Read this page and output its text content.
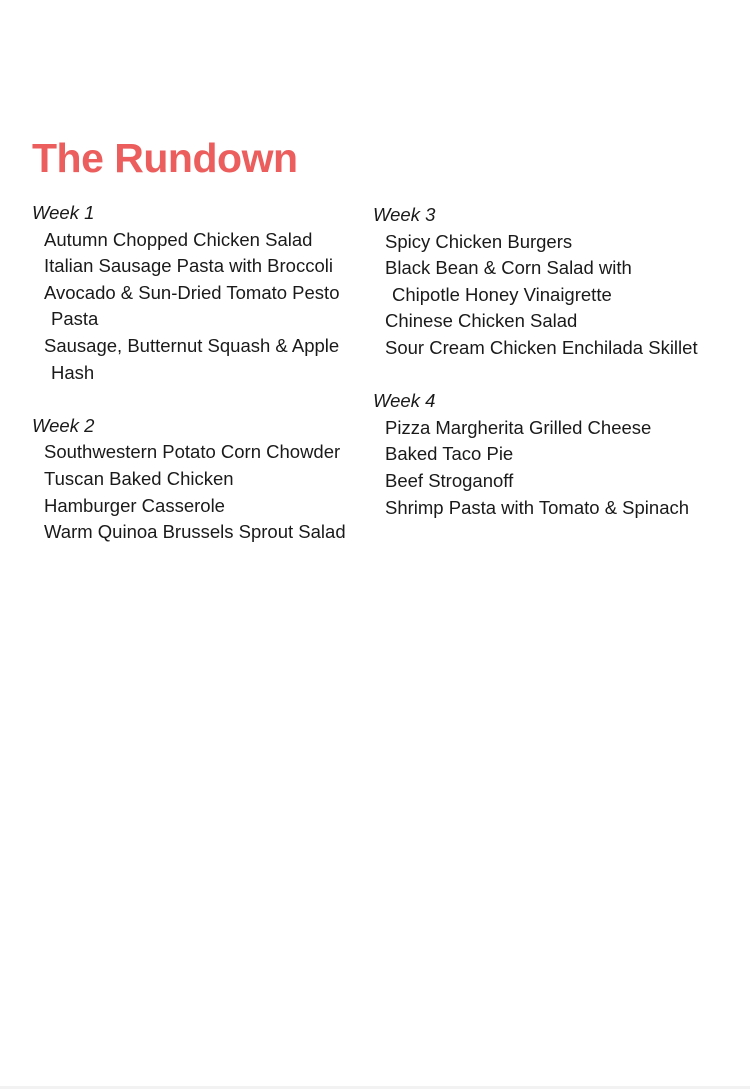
The Rundown
Week 1
Autumn Chopped Chicken Salad
Italian Sausage Pasta with Broccoli
Avocado & Sun-Dried Tomato Pesto Pasta
Sausage, Butternut Squash & Apple Hash
Week 2
Southwestern Potato Corn Chowder
Tuscan Baked Chicken
Hamburger Casserole
Warm Quinoa Brussels Sprout Salad
Week 3
Spicy Chicken Burgers
Black Bean & Corn Salad with Chipotle Honey Vinaigrette
Chinese Chicken Salad
Sour Cream Chicken Enchilada Skillet
Week 4
Pizza Margherita Grilled Cheese
Baked Taco Pie
Beef Stroganoff
Shrimp Pasta with Tomato & Spinach
